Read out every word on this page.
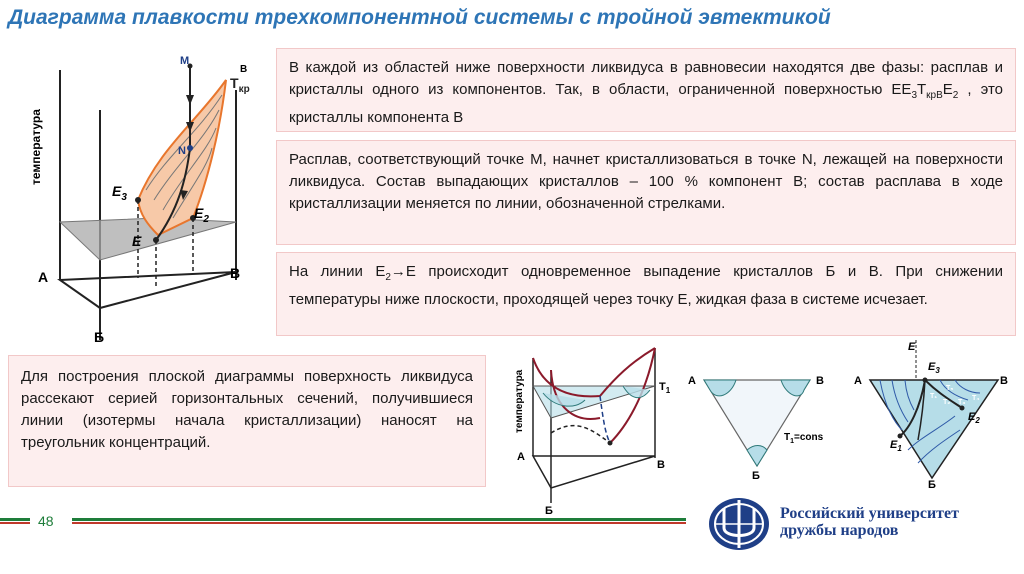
Диаграмма плавкости трехкомпонентной системы с тройной эвтектикой
температура
M
N
$Т_{кр}$
В
$E_3$
$E_2$
E
А	В
Б
В каждой из областей ниже поверхности ликвидуса в равновесии находятся две фазы: расплав и кристаллы одного из компонентов. Так, в области, ограниченной поверхностью $ЕЕ_3Т_{крВ}Е_2$ , это кристаллы компонента В
Расплав, соответствующий точке М, начнет кристаллизоваться в точке N, лежащей на поверхности ликвидуса. Состав выпадающих кристаллов – 100 % компонент В; состав расплава в ходе кристаллизации меняется по линии, обозначенной стрелками.
На линии $Е_2\to Е$ происходит одновременное выпадение кристаллов Б и В. При снижении температуры ниже плоскости, проходящей через точку Е, жидкая фаза в системе исчезает.
Для построения плоской диаграммы поверхность ликвидуса рассекают серией горизонтальных сечений, получившиеся линии (изотермы начала кристаллизации) наносят на треугольник концентраций.
температура	$Т_1$
А
В
Б
А	В
Б
$Т_1=cons$
Т₁
Т₂ Т₃
Т₄
Т₅
E
$E_3$
$E_2$
$E_1$
А	В
Б
48	Российский университет
дружбы народов
